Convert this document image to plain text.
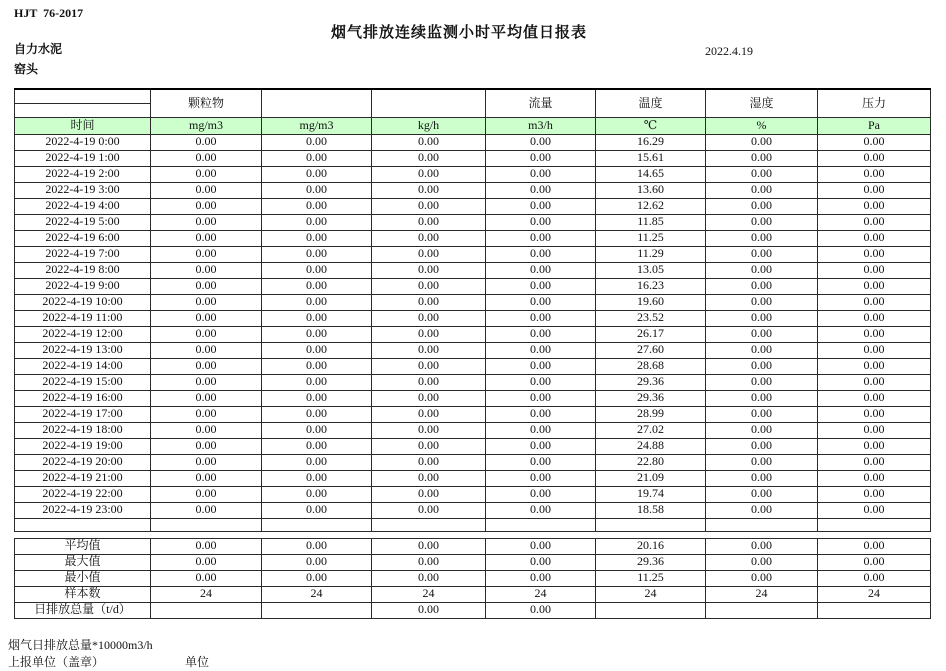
HJT  76-2017
烟气排放连续监测小时平均值日报表
自力水泥
窑头
2022.4.19
	颗粒物			流量	温度	湿度	压力

时间	mg/m3	mg/m3	kg/h	m3/h	℃	%	Pa
2022-4-19 0:00	0.00	0.00	0.00	0.00	16.29	0.00	0.00
2022-4-19 1:00	0.00	0.00	0.00	0.00	15.61	0.00	0.00
2022-4-19 2:00	0.00	0.00	0.00	0.00	14.65	0.00	0.00
2022-4-19 3:00	0.00	0.00	0.00	0.00	13.60	0.00	0.00
2022-4-19 4:00	0.00	0.00	0.00	0.00	12.62	0.00	0.00
2022-4-19 5:00	0.00	0.00	0.00	0.00	11.85	0.00	0.00
2022-4-19 6:00	0.00	0.00	0.00	0.00	11.25	0.00	0.00
2022-4-19 7:00	0.00	0.00	0.00	0.00	11.29	0.00	0.00
2022-4-19 8:00	0.00	0.00	0.00	0.00	13.05	0.00	0.00
2022-4-19 9:00	0.00	0.00	0.00	0.00	16.23	0.00	0.00
2022-4-19 10:00	0.00	0.00	0.00	0.00	19.60	0.00	0.00
2022-4-19 11:00	0.00	0.00	0.00	0.00	23.52	0.00	0.00
2022-4-19 12:00	0.00	0.00	0.00	0.00	26.17	0.00	0.00
2022-4-19 13:00	0.00	0.00	0.00	0.00	27.60	0.00	0.00
2022-4-19 14:00	0.00	0.00	0.00	0.00	28.68	0.00	0.00
2022-4-19 15:00	0.00	0.00	0.00	0.00	29.36	0.00	0.00
2022-4-19 16:00	0.00	0.00	0.00	0.00	29.36	0.00	0.00
2022-4-19 17:00	0.00	0.00	0.00	0.00	28.99	0.00	0.00
2022-4-19 18:00	0.00	0.00	0.00	0.00	27.02	0.00	0.00
2022-4-19 19:00	0.00	0.00	0.00	0.00	24.88	0.00	0.00
2022-4-19 20:00	0.00	0.00	0.00	0.00	22.80	0.00	0.00
2022-4-19 21:00	0.00	0.00	0.00	0.00	21.09	0.00	0.00
2022-4-19 22:00	0.00	0.00	0.00	0.00	19.74	0.00	0.00
2022-4-19 23:00	0.00	0.00	0.00	0.00	18.58	0.00	0.00

平均值	0.00	0.00	0.00	0.00	20.16	0.00	0.00
最大值	0.00	0.00	0.00	0.00	29.36	0.00	0.00
最小值	0.00	0.00	0.00	0.00	11.25	0.00	0.00
样本数	24	24	24	24	24	24	24
日排放总量（t/d）			0.00	0.00			
烟气日排放总量*10000m3/h
上报单位（盖章）	单位
